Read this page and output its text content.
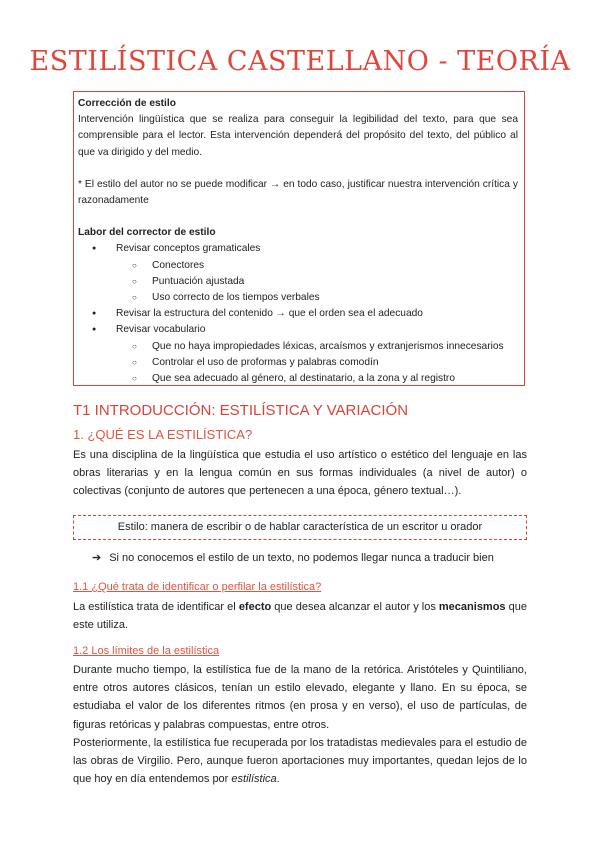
ESTILÍSTICA CASTELLANO - TEORÍA

Corrección de estilo

Intervención lingüística que se realiza para conseguir la legibilidad del texto, para que sea comprensible para el lector. Esta intervención dependerá del propósito del texto, del público al que va dirigido y del medio.

* El estilo del autor no se puede modificar → en todo caso, justificar nuestra intervención crítica y razonadamente

Labor del corrector de estilo

● Revisar conceptos gramaticales
○ Conectores
○ Puntuación ajustada
○ Uso correcto de los tiempos verbales
● Revisar la estructura del contenido → que el orden sea el adecuado
● Revisar vocabulario
○ Que no haya impropiedades léxicas, arcaísmos y extranjerismos innecesarios
○ Controlar el uso de proformas y palabras comodín
○ Que sea adecuado al género, al destinatario, a la zona y al registro
T1 INTRODUCCIÓN: ESTILÍSTICA Y VARIACIÓN
1. ¿QUÉ ES LA ESTILÍSTICA?

Es una disciplina de la lingüística que estudia el uso artístico o estético del lenguaje en las obras literarias y en la lengua común en sus formas individuales (a nivel de autor) o colectivas (conjunto de autores que pertenecen a una época, género textual…).

Estilo: manera de escribir o de hablar característica de un escritor u orador
➔ Si no conocemos el estilo de un texto, no podemos llegar nunca a traducir bien
1.1 ¿Qué trata de identificar o perfilar la estilística?

La estilística trata de identificar el efecto que desea alcanzar el autor y los mecanismos que este utiliza.

1.2 Los límites de la estilística

Durante mucho tiempo, la estilística fue de la mano de la retórica. Aristóteles y Quintiliano, entre otros autores clásicos, tenían un estilo elevado, elegante y llano. En su época, se estudiaba el valor de los diferentes ritmos (en prosa y en verso), el uso de partículas, de figuras retóricas y palabras compuestas, entre otros.

Posteriormente, la estilística fue recuperada por los tratadistas medievales para el estudio de las obras de Virgilio. Pero, aunque fueron aportaciones muy importantes, quedan lejos de lo que hoy en día entendemos por estilística.
